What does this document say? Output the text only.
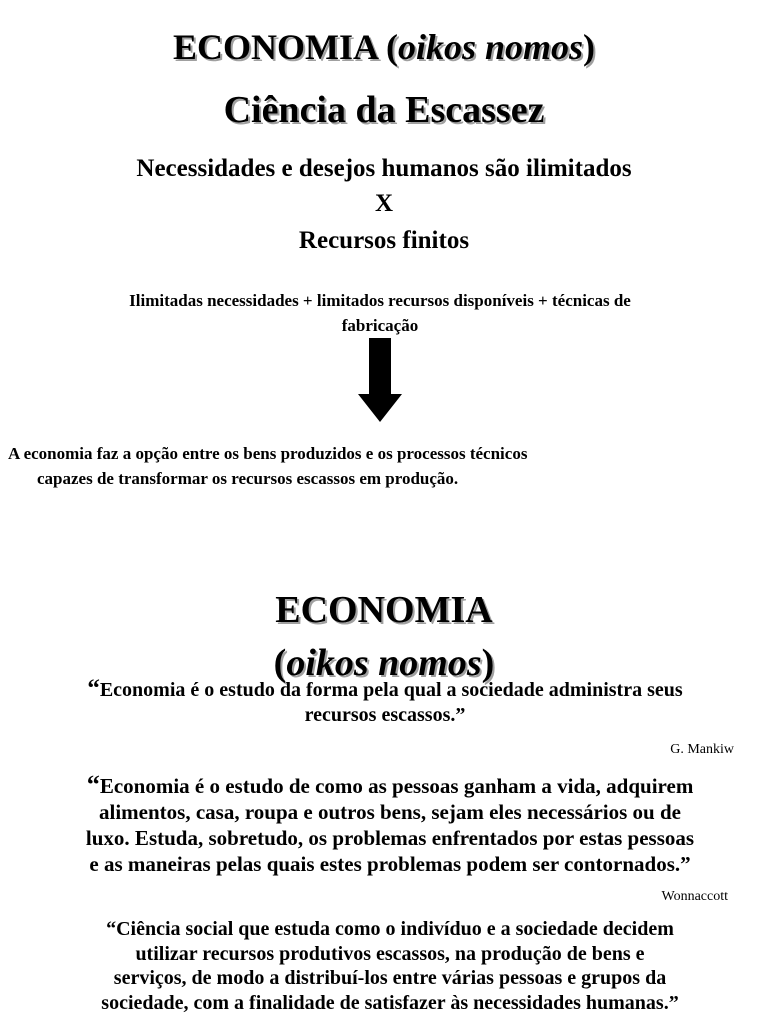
ECONOMIA (oikos nomos)
Ciência da Escassez
Necessidades e desejos humanos são ilimitados
X
Recursos finitos
Ilimitadas necessidades + limitados recursos disponíveis + técnicas de
fabricação
A economia faz a opção entre os bens produzidos e os processos técnicos
capazes de transformar os recursos escassos em produção.
ECONOMIA
(oikos nomos)
“Economia é o estudo da forma pela qual a sociedade administra seus
recursos escassos.”
G. Mankiw
“Economia é o estudo de como as pessoas ganham a vida, adquirem
alimentos, casa, roupa e outros bens, sejam eles necessários ou de
luxo. Estuda, sobretudo, os problemas enfrentados por estas pessoas
e as maneiras pelas quais estes problemas podem ser contornados.”
Wonnaccott
“Ciência social que estuda como o indivíduo e a sociedade decidem
utilizar recursos produtivos escassos, na produção de bens e
serviços, de modo a distribuí-los entre várias pessoas e grupos da
sociedade, com a finalidade de satisfazer às necessidades humanas.”
